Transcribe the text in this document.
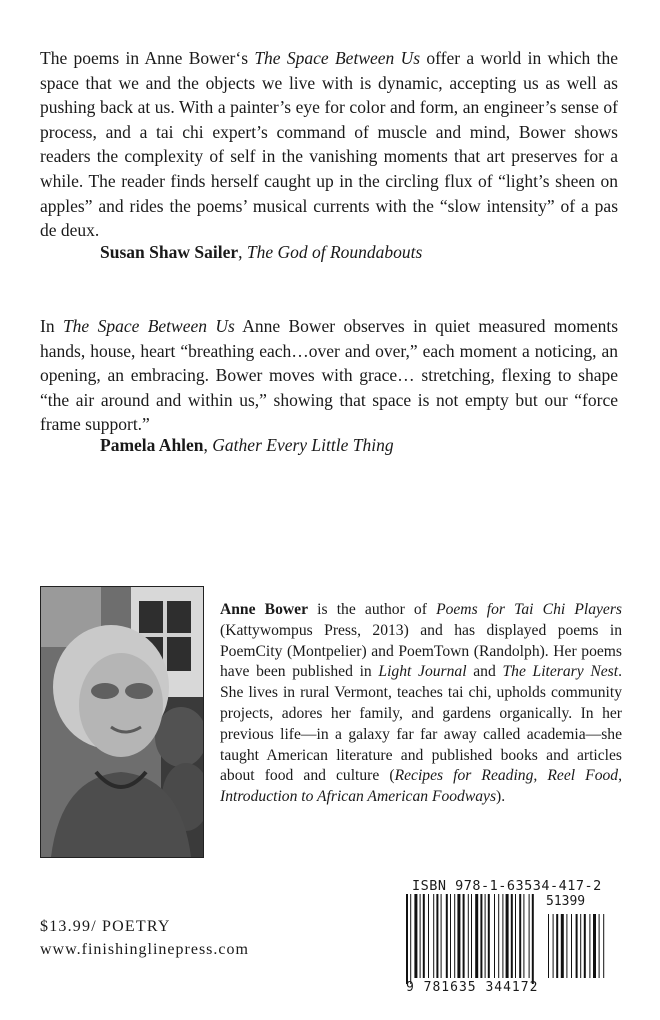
The poems in Anne Bower‘s The Space Between Us offer a world in which the space that we and the objects we live with is dynamic, accepting us as well as pushing back at us. With a painter’s eye for color and form, an engineer’s sense of process, and a tai chi expert’s command of muscle and mind, Bower shows readers the complexity of self in the vanishing moments that art preserves for a while. The reader finds herself caught up in the circling flux of “light’s sheen on apples” and rides the poems’ musical currents with the “slow intensity” of a pas de deux.

Susan Shaw Sailer, The God of Roundabouts

In The Space Between Us Anne Bower observes in quiet measured moments hands, house, heart “breathing each…over and over,” each moment a noticing, an opening, an embracing. Bower moves with grace… stretching, flexing to shape “the air around and within us,” showing that space is not empty but our “force frame support.”

Pamela Ahlen, Gather Every Little Thing

Anne Bower is the author of Poems for Tai Chi Players (Kattywompus Press, 2013) and has displayed poems in PoemCity (Montpelier) and PoemTown (Randolph). Her poems have been published in Light Journal and The Literary Nest. She lives in rural Vermont, teaches tai chi, upholds community projects, adores her family, and gardens organically. In her previous life—in a galaxy far far away called academia—she taught American literature and published books and articles about food and culture (Recipes for Reading, Reel Food, Introduction to African American Foodways).

$13.99/ POETRY
www.finishinglinepress.com
ISBN 978-1-63534-417-2
51399
9 781635 344172
